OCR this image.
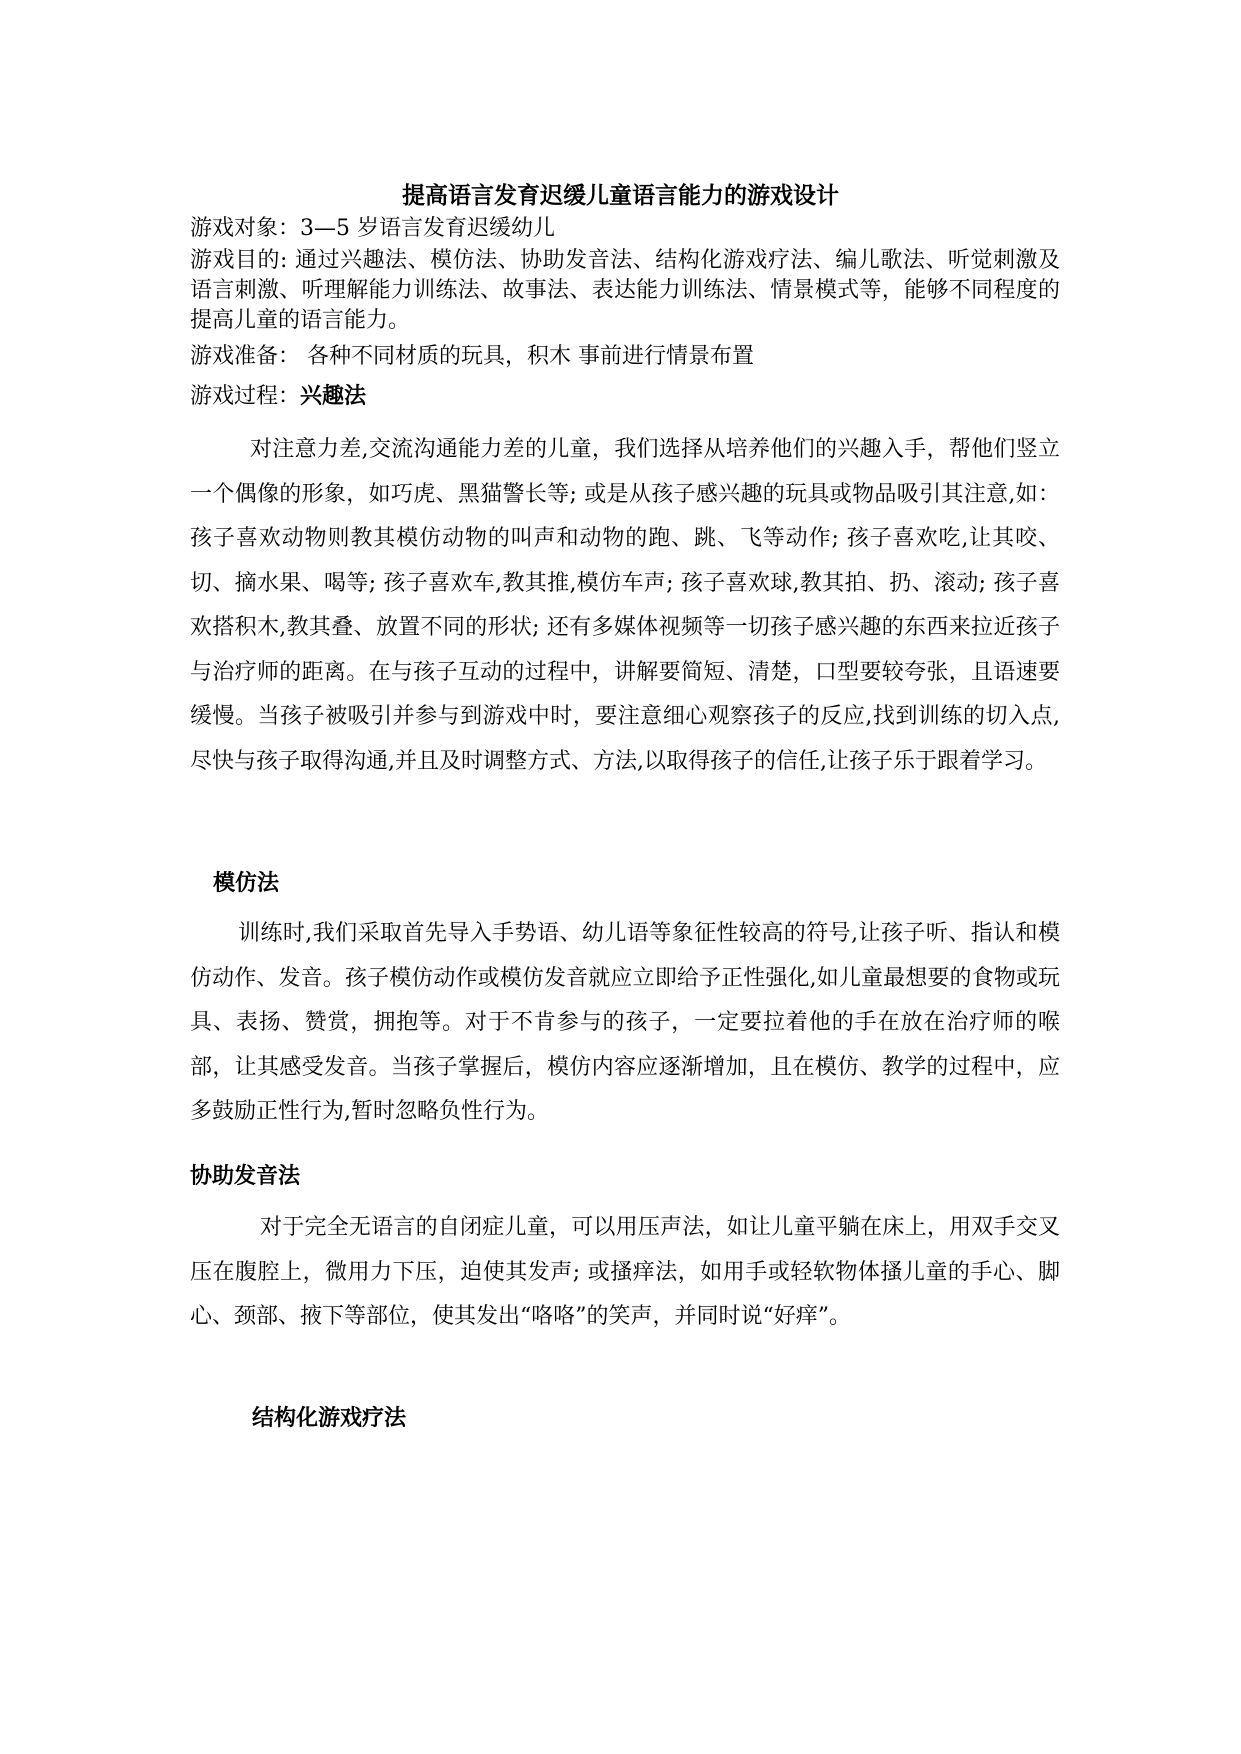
提高语言发育迟缓儿童语言能力的游戏设计
游戏对象：3—5 岁语言发育迟缓幼儿
游戏目的: 通过兴趣法、模仿法、协助发音法、结构化游戏疗法、编儿歌法、听觉刺激及语言刺激、听理解能力训练法、故事法、表达能力训练法、情景模式等，能够不同程度的提高儿童的语言能力。
游戏准备： 各种不同材质的玩具，积木 事前进行情景布置
游戏过程：兴趣法
对注意力差,交流沟通能力差的儿童，我们选择从培养他们的兴趣入手，帮他们竖立一个偶像的形象，如巧虎、黑猫警长等; 或是从孩子感兴趣的玩具或物品吸引其注意,如：孩子喜欢动物则教其模仿动物的叫声和动物的跑、跳、飞等动作; 孩子喜欢吃,让其咬、切、摘水果、喝等; 孩子喜欢车,教其推,模仿车声; 孩子喜欢球,教其拍、扔、滚动; 孩子喜欢搭积木,教其叠、放置不同的形状; 还有多媒体视频等一切孩子感兴趣的东西来拉近孩子与治疗师的距离。在与孩子互动的过程中，讲解要简短、清楚，口型要较夸张，且语速要缓慢。当孩子被吸引并参与到游戏中时，要注意细心观察孩子的反应,找到训练的切入点,尽快与孩子取得沟通,并且及时调整方式、方法,以取得孩子的信任,让孩子乐于跟着学习。
模仿法
训练时,我们采取首先导入手势语、幼儿语等象征性较高的符号,让孩子听、指认和模仿动作、发音。孩子模仿动作或模仿发音就应立即给予正性强化,如儿童最想要的食物或玩具、表扬、赞赏，拥抱等。对于不肯参与的孩子，一定要拉着他的手在放在治疗师的喉部，让其感受发音。当孩子掌握后，模仿内容应逐渐增加，且在模仿、教学的过程中，应多鼓励正性行为,暂时忽略负性行为。
协助发音法
对于完全无语言的自闭症儿童，可以用压声法，如让儿童平躺在床上，用双手交叉压在腹腔上，微用力下压，迫使其发声; 或搔痒法，如用手或轻软物体搔儿童的手心、脚心、颈部、掖下等部位，使其发出“咯咯”的笑声，并同时说“好痒”。
结构化游戏疗法
